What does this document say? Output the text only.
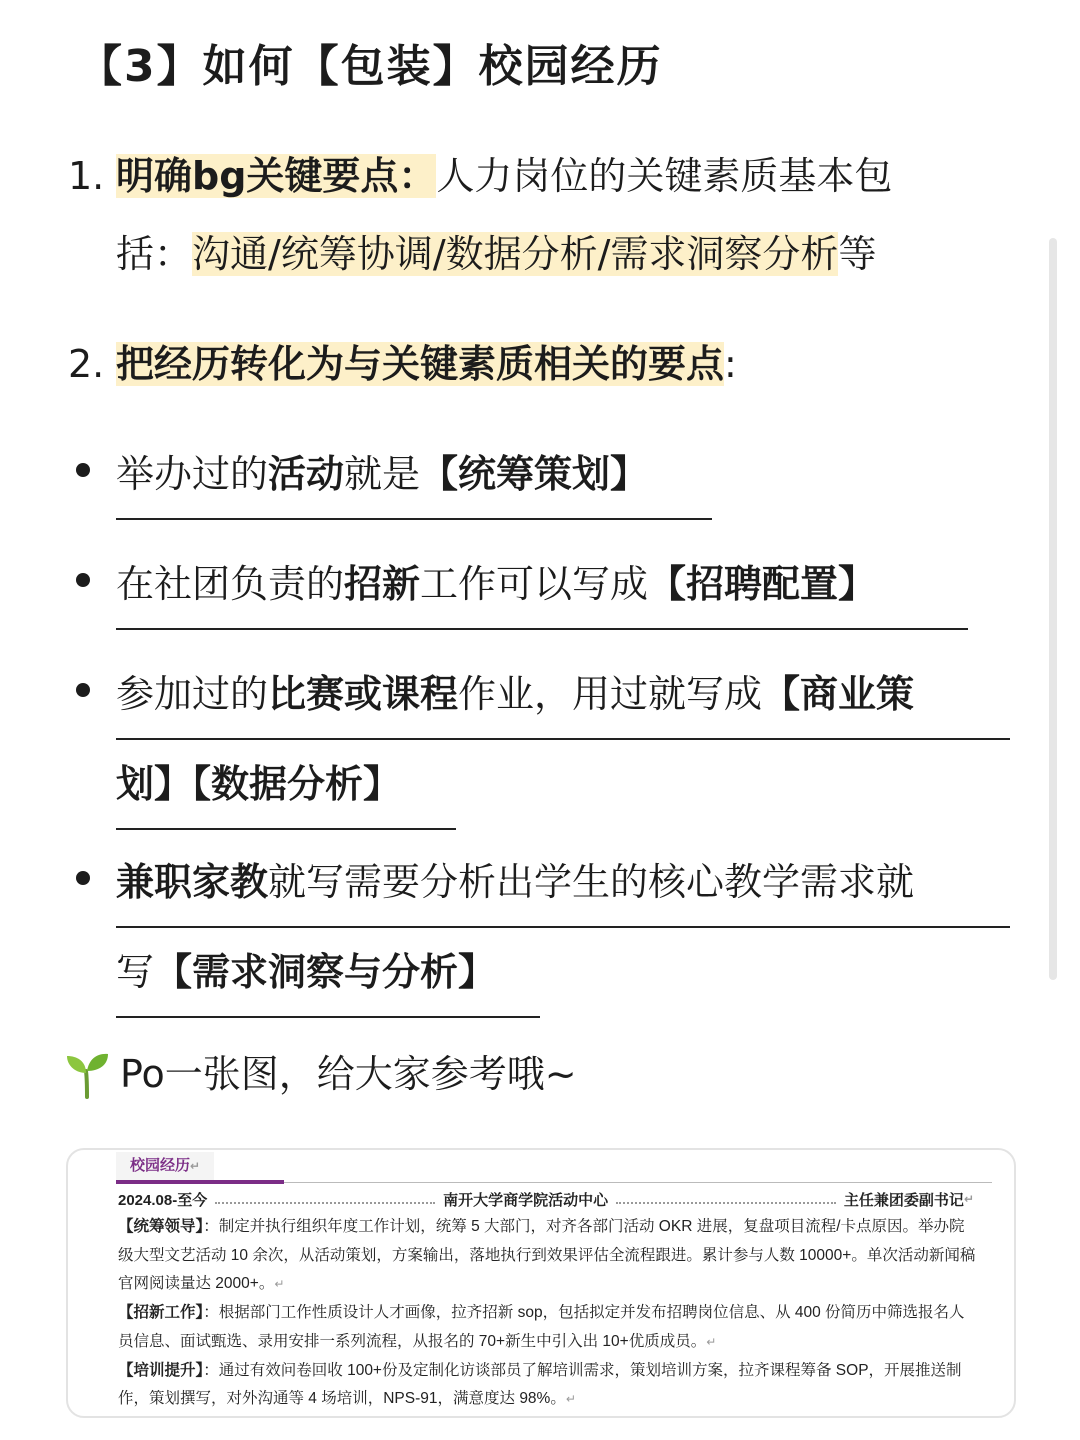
【3】如何【包装】校园经历
1. 明确bg关键要点：人力岗位的关键素质基本包
括：沟通/统筹协调/数据分析/需求洞察分析等
2. 把经历转化为与关键素质相关的要点:
举办过的活动就是【统筹策划】
在社团负责的招新工作可以写成【招聘配置】
参加过的比赛或课程作业，用过就写成【商业策
划】【数据分析】
兼职家教就写需要分析出学生的核心教学需求就
写【需求洞察与分析】
Po一张图，给大家参考哦~
校园经历↵
2024.08-至今	南开大学商学院活动中心	主任兼团委副书记 ↵

【统筹领导】：制定并执行组织年度工作计划，统筹 5 大部门，对齐各部门活动 OKR 进展，复盘项目流程/卡点原因。举办院级大型文艺活动 10 余次，从活动策划，方案输出，落地执行到效果评估全流程跟进。累计参与人数 10000+。单次活动新闻稿官网阅读量达 2000+。↵

【招新工作】：根据部门工作性质设计人才画像，拉齐招新 sop，包括拟定并发布招聘岗位信息、从 400 份简历中筛选报名人员信息、面试甄选、录用安排一系列流程，从报名的 70+新生中引入出 10+优质成员。↵

【培训提升】：通过有效问卷回收 100+份及定制化访谈部员了解培训需求，策划培训方案，拉齐课程筹备 SOP，开展推送制作，策划撰写，对外沟通等 4 场培训，NPS-91，满意度达 98%。↵
